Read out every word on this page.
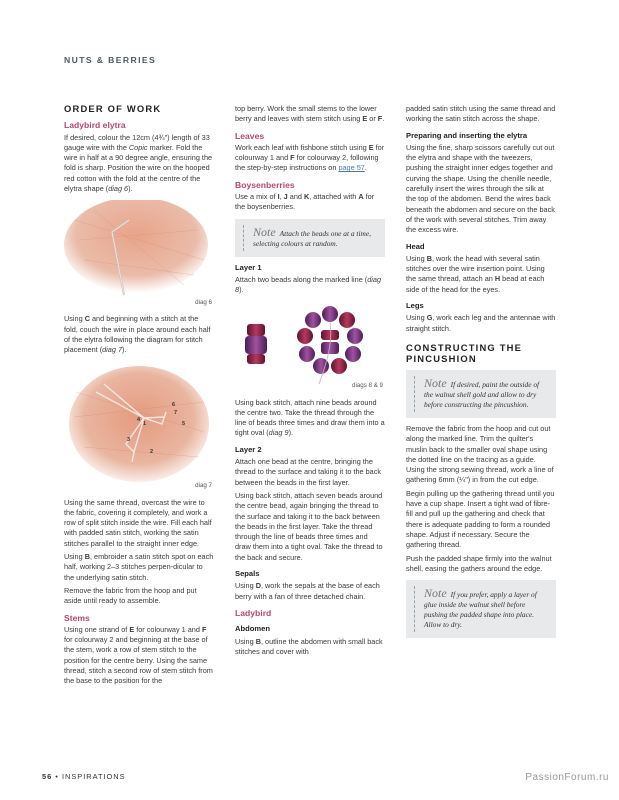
NUTS & BERRIES
ORDER OF WORK
Ladybird elytra

If desired, colour the 12cm (4¾") length of 33 gauge wire with the Copic marker. Fold the wire in half at a 90 degree angle, ensuring the fold is sharp. Position the wire on the hooped red cotton with the fold at the centre of the elytra shape (diag 6).

diag 6

Using C and beginning with a stitch at the fold, couch the wire in place around each half of the elytra following the diagram for stitch placement (diag 7).

1
2
3
4
5
6
7
diag 7

Using the same thread, overcast the wire to the fabric, covering it completely, and work a row of split stitch inside the wire. Fill each half with padded satin stitch, working the satin stitches parallel to the straight inner edge.

Using B, embroider a satin stitch spot on each half, working 2–3 stitches perpen-dicular to the underlying satin stitch.

Remove the fabric from the hoop and put aside until ready to assemble.

Stems

Using one strand of E for colourway 1 and F for colourway 2 and beginning at the base of the stem, work a row of stem stitch to the position for the centre berry. Using the same thread, stitch a second row of stem stitch from the base to the position for the

top berry. Work the small stems to the lower berry and leaves with stem stitch using E or F.

Leaves

Work each leaf with fishbone stitch using E for colourway 1 and F for colourway 2, following the step-by-step instructions on page 57.

Boysenberries

Use a mix of I, J and K, attached with A for the boysenberries.

Note Attach the beads one at a time, selecting colours at random.
Layer 1

Attach two beads along the marked line (diag 8).

diags 8 & 9

Using back stitch, attach nine beads around the centre two. Take the thread through the line of beads three times and draw them into a tight oval (diag 9).

Layer 2

Attach one bead at the centre, bringing the thread to the surface and taking it to the back between the beads in the first layer.

Using back stitch, attach seven beads around the centre bead, again bringing the thread to the surface and taking it to the back between the beads in the first layer. Take the thread through the line of beads three times and draw them into a tight oval. Take the thread to the back and secure.

Sepals

Using D, work the sepals at the base of each berry with a fan of three detached chain.

Ladybird
Abdomen

Using B, outline the abdomen with small back stitches and cover with

padded satin stitch using the same thread and working the satin stitch across the shape.

Preparing and inserting the elytra

Using the fine, sharp scissors carefully cut out the elytra and shape with the tweezers, pushing the straight inner edges together and curving the shape. Using the chenille needle, carefully insert the wires through the silk at the top of the abdomen. Bend the wires back beneath the abdomen and secure on the back of the work with several stitches. Trim away the excess wire.

Head

Using B, work the head with several satin stitches over the wire insertion point. Using the same thread, attach an H bead at each side of the head for the eyes.

Legs

Using G, work each leg and the antennae with straight stitch.

CONSTRUCTING THE
PINCUSHION
Note If desired, paint the outside of the walnut shell gold and allow to dry before constructing the pincushion.

Remove the fabric from the hoop and cut out along the marked line. Trim the quilter's muslin back to the smaller oval shape using the dotted line on the tracing as a guide. Using the strong sewing thread, work a line of gathering 6mm (¼") in from the cut edge.

Begin pulling up the gathering thread until you have a cup shape. Insert a tight wad of fibre-fill and pull up the gathering and check that there is adequate padding to form a rounded shape. Adjust if necessary. Secure the gathering thread.

Push the padded shape firmly into the walnut shell, easing the gathers around the edge.

Note If you prefer, apply a layer of glue inside the walnut shell before pushing the padded shape into place. Allow to dry.
56 • INSPIRATIONS	PassionForum.ru
